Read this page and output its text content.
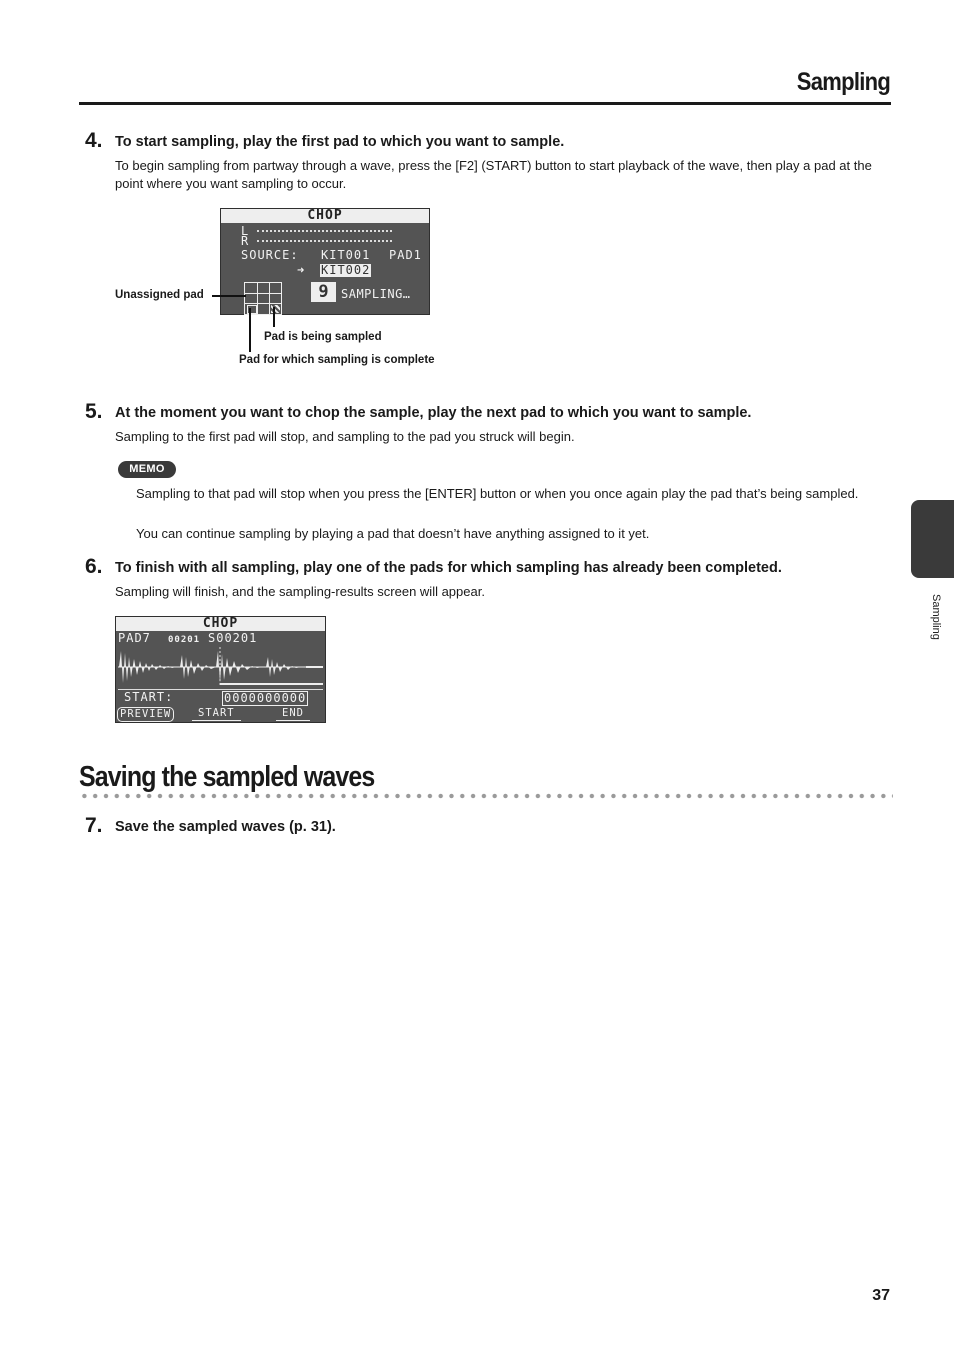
Sampling
4. To start sampling, play the first pad to which you want to sample.
To begin sampling from partway through a wave, press the [F2] (START) button to start playback of the wave, then play a pad at the point where you want sampling to occur.
CHOP
L
R
SOURCE: KIT001 PAD1
➜ KIT002
9	SAMPLING…
Unassigned pad
Pad is being sampled
Pad for which sampling is complete
5. At the moment you want to chop the sample, play the next pad to which you want to sample.
Sampling to the first pad will stop, and sampling to the pad you struck will begin.
MEMO
Sampling to that pad will stop when you press the [ENTER] button or when you once again play the pad that’s being sampled.
You can continue sampling by playing a pad that doesn’t have anything assigned to it yet.
6. To finish with all sampling, play one of the pads for which sampling has already been completed.
Sampling will finish, and the sampling-results screen will appear.
CHOP
PAD7 00201 S00201
START:	0000000000
PREVIEW	START	END
Saving the sampled waves
7. Save the sampled waves (p. 31).
Sampling
37
